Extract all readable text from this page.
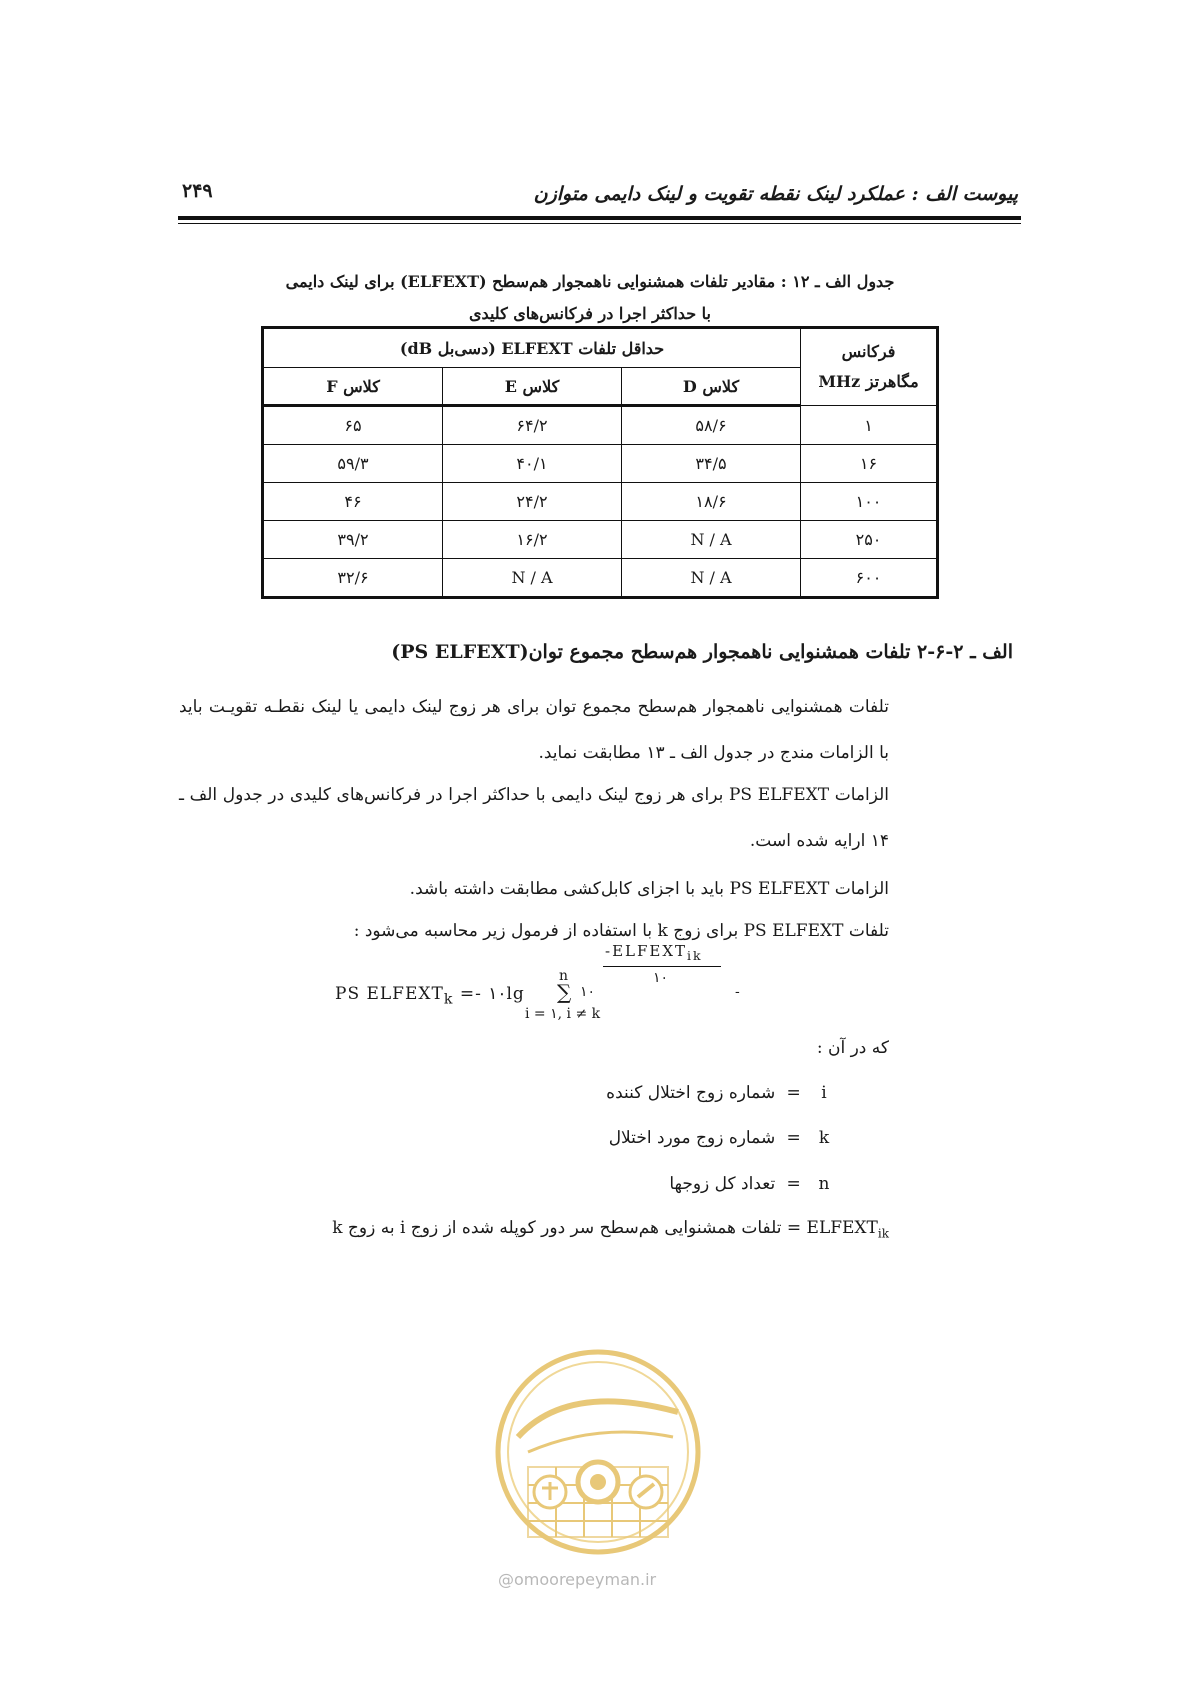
پیوست الف : عملکرد لینک نقطه تقویت و لینک دایمی متوازن
۲۴۹
جدول الف ـ ۱۲ : مقادیر تلفات همشنوایی ناهمجوار هم‌سطح (ELFEXT) برای لینک دایمی
با حداکثر اجرا در فرکانس‌های کلیدی
فرکانس
مگاهرتز MHz	حداقل تلفات ELFEXT (دسی‌بل dB)		
	کلاس D	کلاس E	کلاس F
۱	۵۸/۶	۶۴/۲	۶۵
۱۶	۳۴/۵	۴۰/۱	۵۹/۳
۱۰۰	۱۸/۶	۲۴/۲	۴۶
۲۵۰	N / A	۱۶/۲	۳۹/۲
۶۰۰	N / A	N / A	۳۲/۶
الف ـ ۲-۶-۲ تلفات همشنوایی ناهمجوار هم‌سطح مجموع توان(PS ELFEXT)
تلفات همشنوایی ناهمجوار هم‌سطح مجموع توان برای هر زوج لینک دایمی یا لینک نقطـه تقویـت باید با الزامات مندج در جدول الف ـ ۱۳ مطابقت نماید.
الزامات PS ELFEXT برای هر زوج لینک دایمی با حداکثر اجرا در فرکانس‌های کلیدی در جدول الف ـ ۱۴ ارایه شده است.
الزامات PS ELFEXT باید با اجزای کابل‌کشی مطابقت داشته باشد.
تلفات PS ELFEXT برای زوج k با استفاده از فرمول زیر محاسبه می‌شود :
PS $ELFEXT_k$ =- ۱۰lg
n
∑ ۱۰
i = ۱, i ≠ k
$-ELFEXT_{ik}$
۱۰
-
که در آن :
شماره زوج اختلال کننده = i
شماره زوج مورد اختلال = k
تعداد کل زوجها = n
$ELFEXT_{ik}$ = تلفات همشنوایی هم‌سطح سر دور کوپله شده از زوج i به زوج k
@omoorepeyman.ir
